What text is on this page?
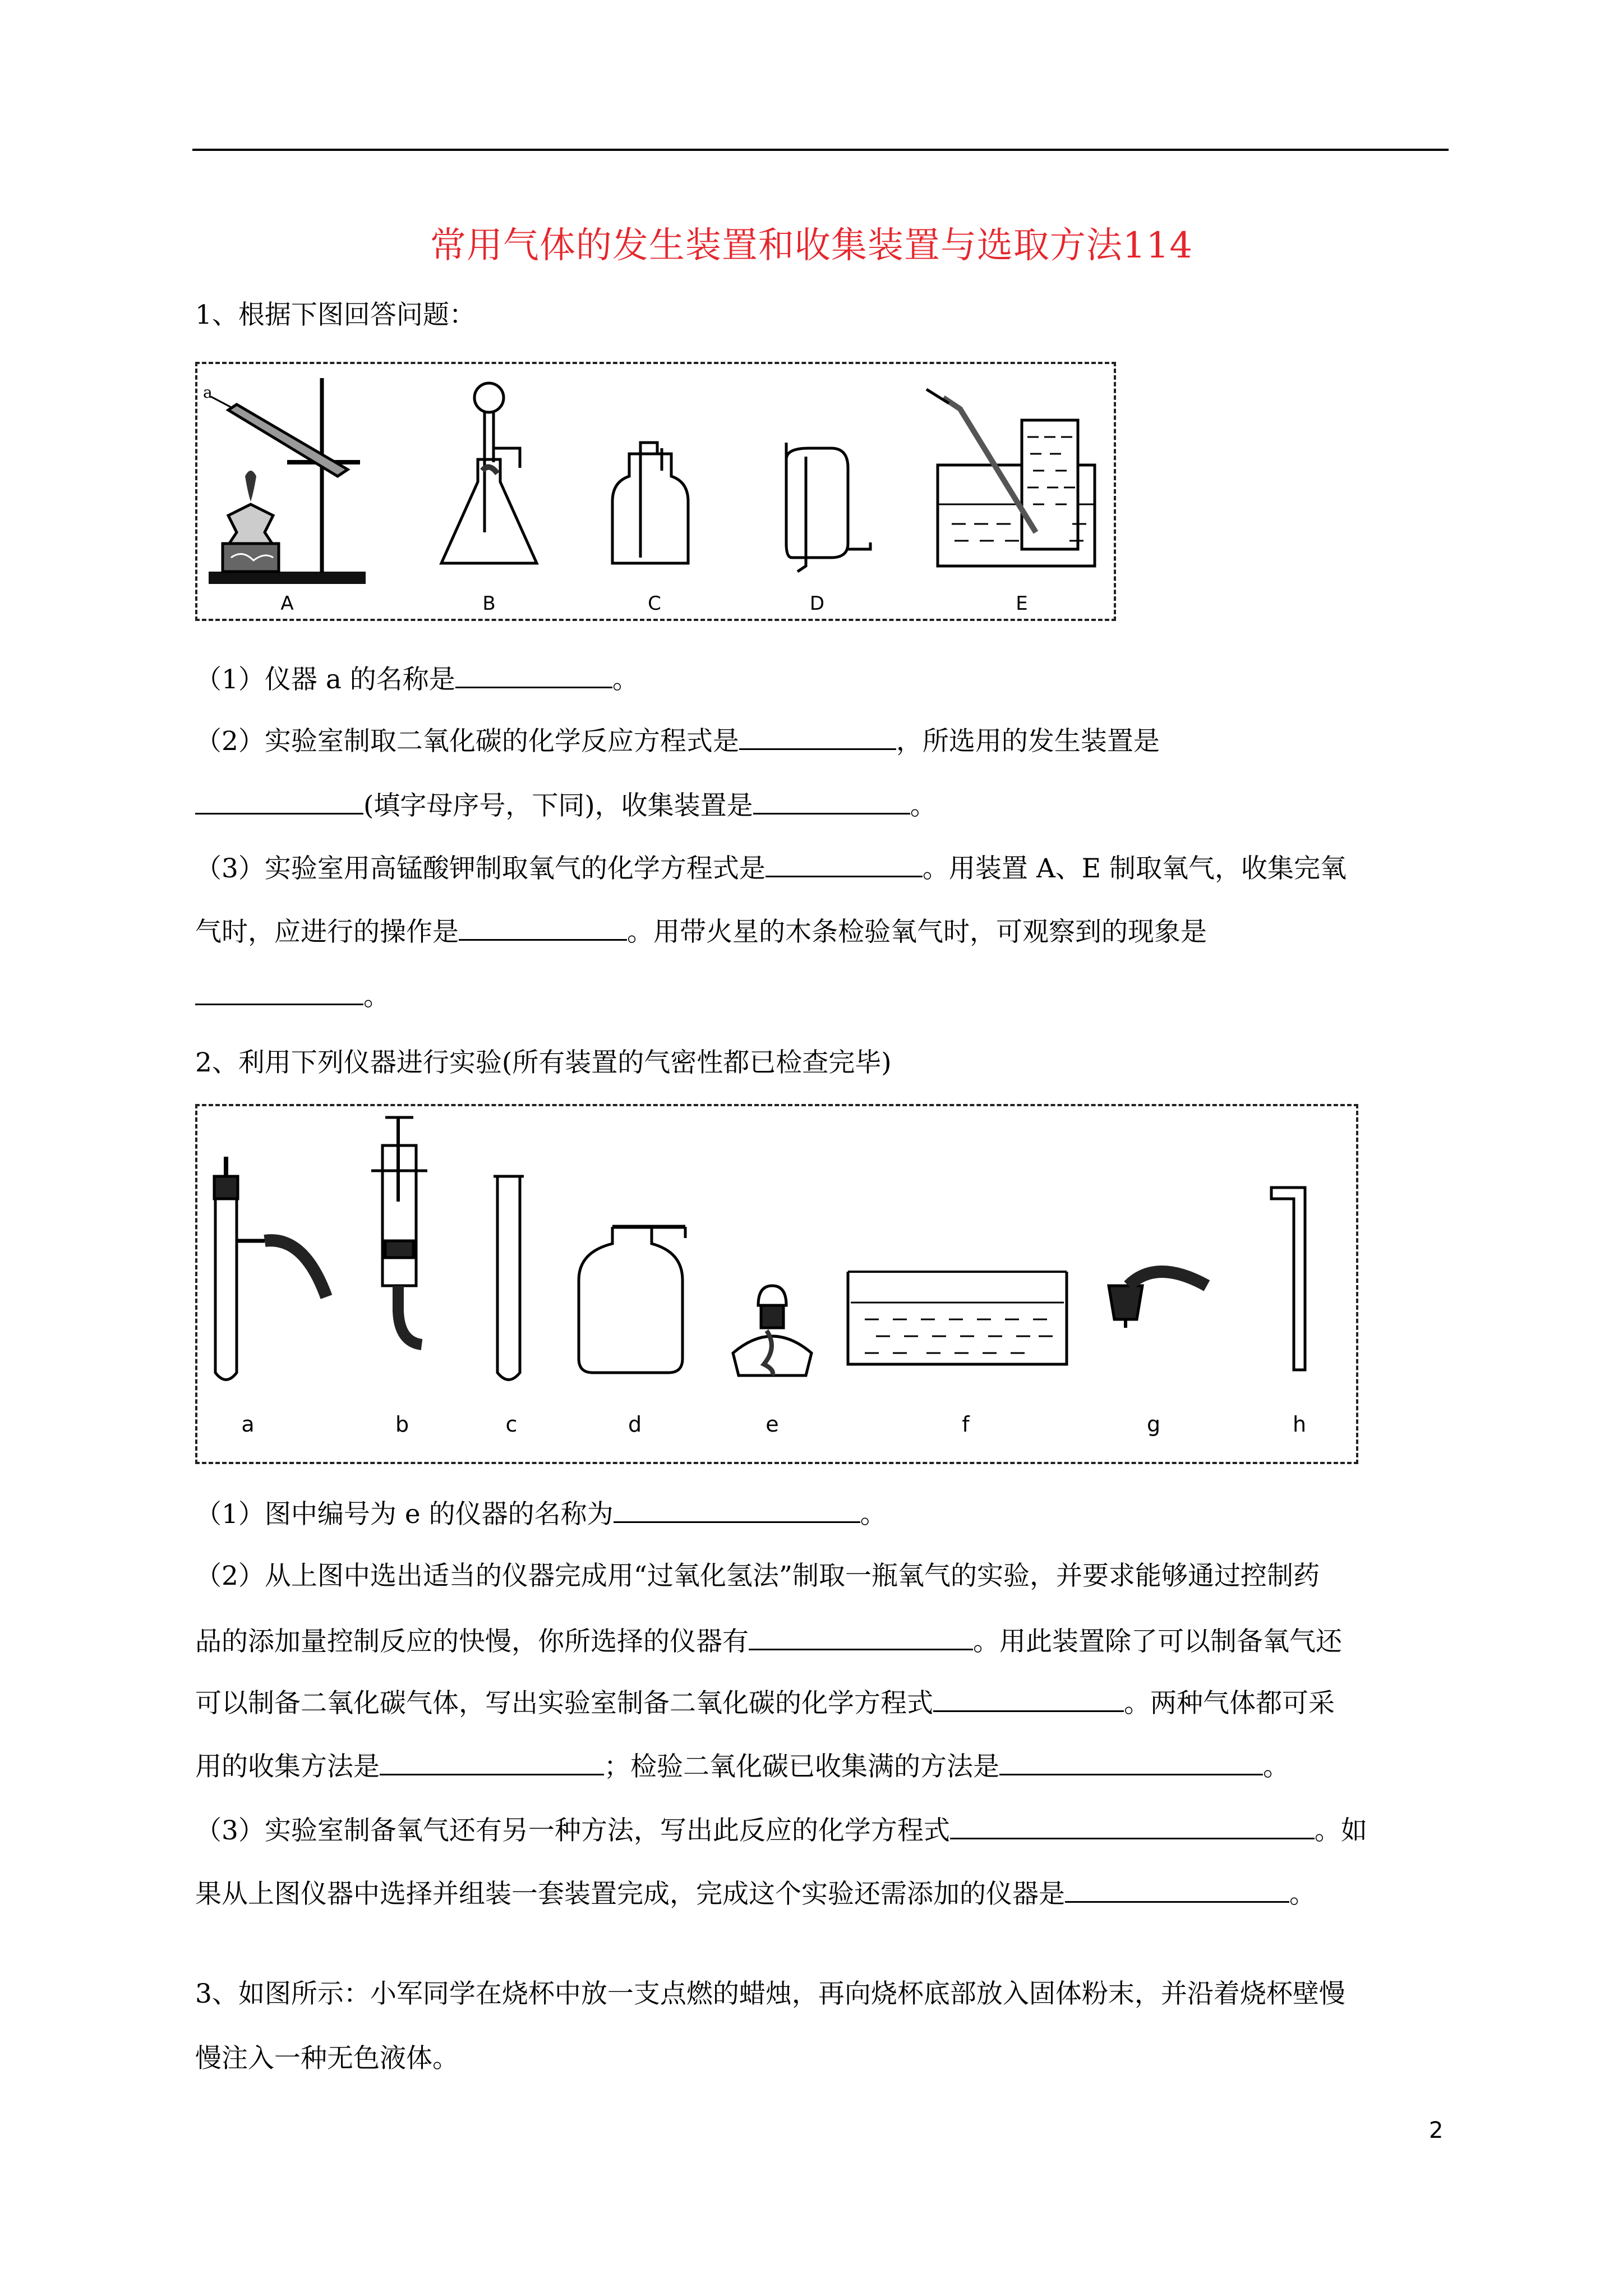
常用气体的发生装置和收集装置与选取方法114
1、根据下图回答问题：
a
A	B	C	D	E
（1）仪器 a 的名称是	。
（2）实验室制取二氧化碳的化学反应方程式是	，所选用的发生装置是
(填字母序号，下同)，收集装置是	。
（3）实验室用高锰酸钾制取氧气的化学方程式是	。用装置 A、E 制取氧气，收集完氧
气时，应进行的操作是	。用带火星的木条检验氧气时，可观察到的现象是
。
2、利用下列仪器进行实验(所有装置的气密性都已检查完毕)
a	b	c	d	e	f	g	h
（1）图中编号为 e 的仪器的名称为	。
（2）从上图中选出适当的仪器完成用“过氧化氢法”制取一瓶氧气的实验，并要求能够通过控制药
品的添加量控制反应的快慢，你所选择的仪器有	。用此装置除了可以制备氧气还
可以制备二氧化碳气体，写出实验室制备二氧化碳的化学方程式	。两种气体都可采
用的收集方法是	；检验二氧化碳已收集满的方法是	。
（3）实验室制备氧气还有另一种方法，写出此反应的化学方程式	。如
果从上图仪器中选择并组装一套装置完成，完成这个实验还需添加的仪器是	。
3、如图所示：小军同学在烧杯中放一支点燃的蜡烛，再向烧杯底部放入固体粉末，并沿着烧杯壁慢
慢注入一种无色液体。
2
